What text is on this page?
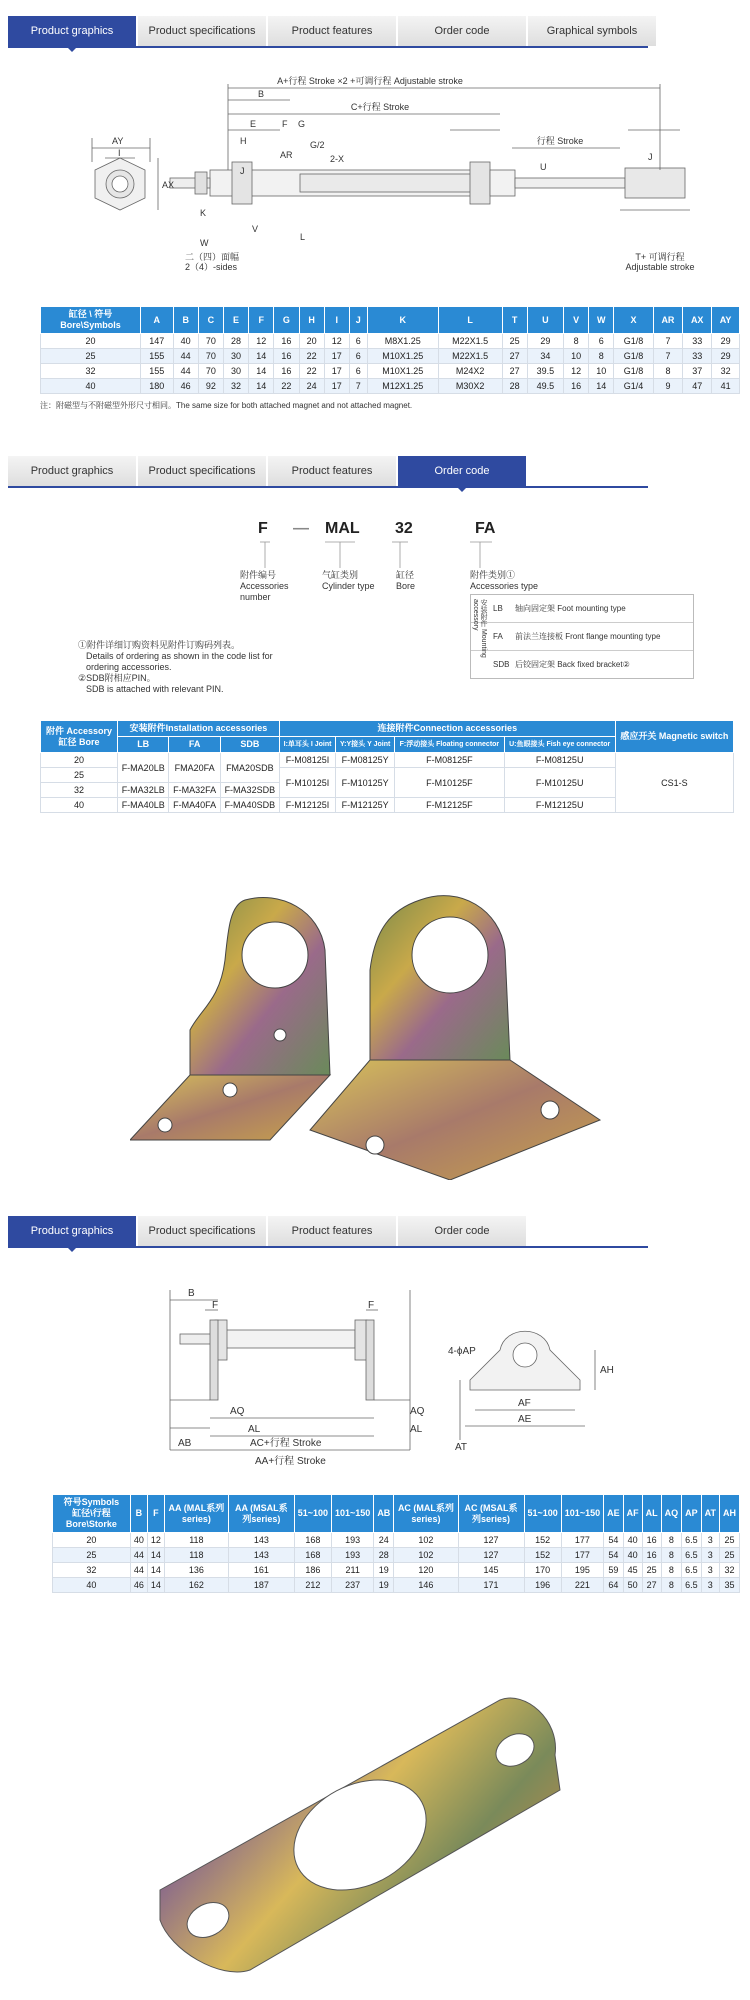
Product graphics	Product specifications	Product features	Order code	Graphical symbols
A+行程 Stroke ×2 +可调行程 Adjustable stroke
C+行程 Stroke
行程 Stroke
T+ 可调行程
Adjustable stroke
二（四）面幅
2（4）-sides
AY
I
AX
B
E	F G
H
AR
J
K
W
V
G/2
2-X
L
U
J
缸径 \ 符号
Bore\Symbols	A	B	C	E	F	G	H	I	J	K	L	T	U	V	W	X	AR	AX	AY
20	147	40	70	28	12	16	20	12	6	M8X1.25	M22X1.5	25	29	8	6	G1/8	7	33	29
25	155	44	70	30	14	16	22	17	6	M10X1.25	M22X1.5	27	34	10	8	G1/8	7	33	29
32	155	44	70	30	14	16	22	17	6	M10X1.25	M24X2	27	39.5	12	10	G1/8	8	37	32
40	180	46	92	32	14	22	24	17	7	M12X1.25	M30X2	28	49.5	16	14	G1/4	9	47	41
注：附磁型与不附磁型外形尺寸相同。The same size for both attached magnet and not attached magnet.
Product graphics	Product specifications	Product features	Order code
F — MAL 32	FA
附件编号
Accessories
number
气缸类别
Cylinder type
缸径
Bore
附件类别①
Accessories type
安装附件 Mounting accessory	LB	轴向固定架 Foot mounting type
FA	前法兰连接板 Front flange mounting type
SDB 后铰固定架 Back fixed bracket②
①附件详细订购资料见附件订购码列表。
Details of ordering as shown in the code list for
ordering accessories.
②SDB附相应PIN。
SDB is attached with relevant PIN.
附件 Accessory
缸径 Bore	安装附件Installation accessories			连接附件Connection accessories				感应开关 Magnetic switch
	LB	FA	SDB	I:单耳头 I Joint	Y:Y接头 Y Joint	F:浮动接头 Floating connector	U:鱼眼接头 Fish eye connector	
20	F-MA20LB	FMA20FA	FMA20SDB	F-M08125I	F-M08125Y	F-M08125F	F-M08125U	CS1-S
25				F-M10125I	F-M10125Y	F-M10125F	F-M10125U	
32	F-MA32LB	F-MA32FA	F-MA32SDB					
40	F-MA40LB	F-MA40FA	F-MA40SDB	F-M12125I	F-M12125Y	F-M12125F	F-M12125U	
Product graphics	Product specifications	Product features	Order code
B
F	F
AQ
AL
AQ
AL
AB	AC+行程 Stroke
AA+行程 Stroke
4-ϕAP
AH
AF
AE
AT
符号Symbols
缸径\行程 Bore\Storke	B	F	AA (MAL系列 series)	AA (MSAL系列series)	51~100	101~150	AB	AC (MAL系列 series)	AC (MSAL系列series)	51~100	101~150	AE	AF	AL	AQ	AP	AT	AH
20	40	12	118	143	168	193	24	102	127	152	177	54	40	16	8	6.5	3	25
25	44	14	118	143	168	193	28	102	127	152	177	54	40	16	8	6.5	3	25
32	44	14	136	161	186	211	19	120	145	170	195	59	45	25	8	6.5	3	32
40	46	14	162	187	212	237	19	146	171	196	221	64	50	27	8	6.5	3	35
